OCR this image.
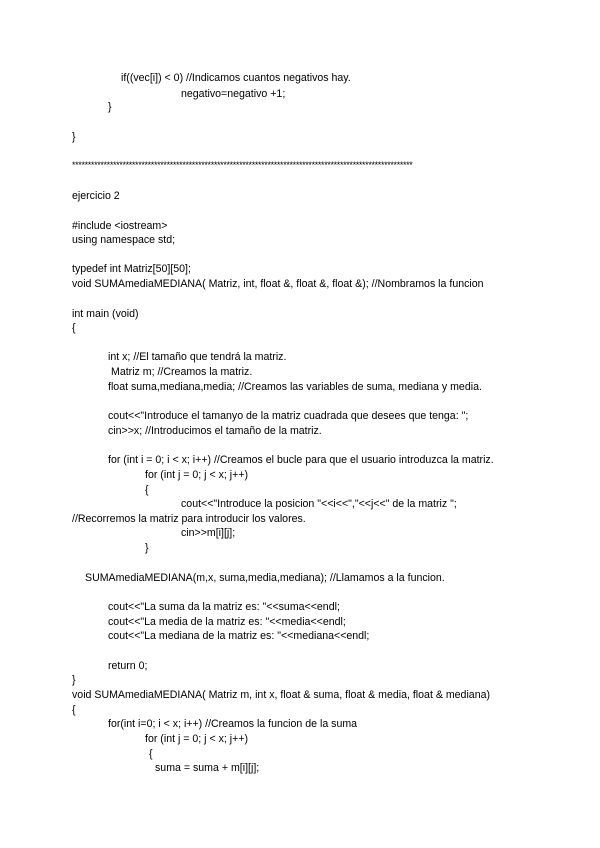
if((vec[i]) < 0) //Indicamos cuantos negativos hay.
negativo=negativo +1;
}
}
************************************************************************************************************
ejercicio 2
#include <iostream>
using namespace std;
typedef int Matriz[50][50];
void SUMAmediaMEDIANA( Matriz, int, float &, float &, float &); //Nombramos la funcion
int main (void)
{
int x; //El tamaño que tendrá la matriz.
Matriz m; //Creamos la matriz.
float suma,mediana,media; //Creamos las variables de suma, mediana y media.
cout<<"Introduce el tamanyo de la matriz cuadrada que desees que tenga: ";
cin>>x; //Introducimos el tamaño de la matriz.
for (int i = 0; i < x; i++) //Creamos el bucle para que el usuario introduzca la matriz.
for (int j = 0; j < x; j++)
{
cout<<"Introduce la posicion "<<i<<","<<j<<" de la matriz ";
//Recorremos la matriz para introducir los valores.
cin>>m[i][j];
}
SUMAmediaMEDIANA(m,x, suma,media,mediana); //Llamamos a la funcion.
cout<<"La suma da la matriz es: "<<suma<<endl;
cout<<"La media de la matriz es: "<<media<<endl;
cout<<"La mediana de la matriz es: "<<mediana<<endl;
return 0;
}
void SUMAmediaMEDIANA( Matriz m, int x, float & suma, float & media, float & mediana)
{
for(int i=0; i < x; i++) //Creamos la funcion de la suma
for (int j = 0; j < x; j++)
{
suma = suma + m[i][j];
